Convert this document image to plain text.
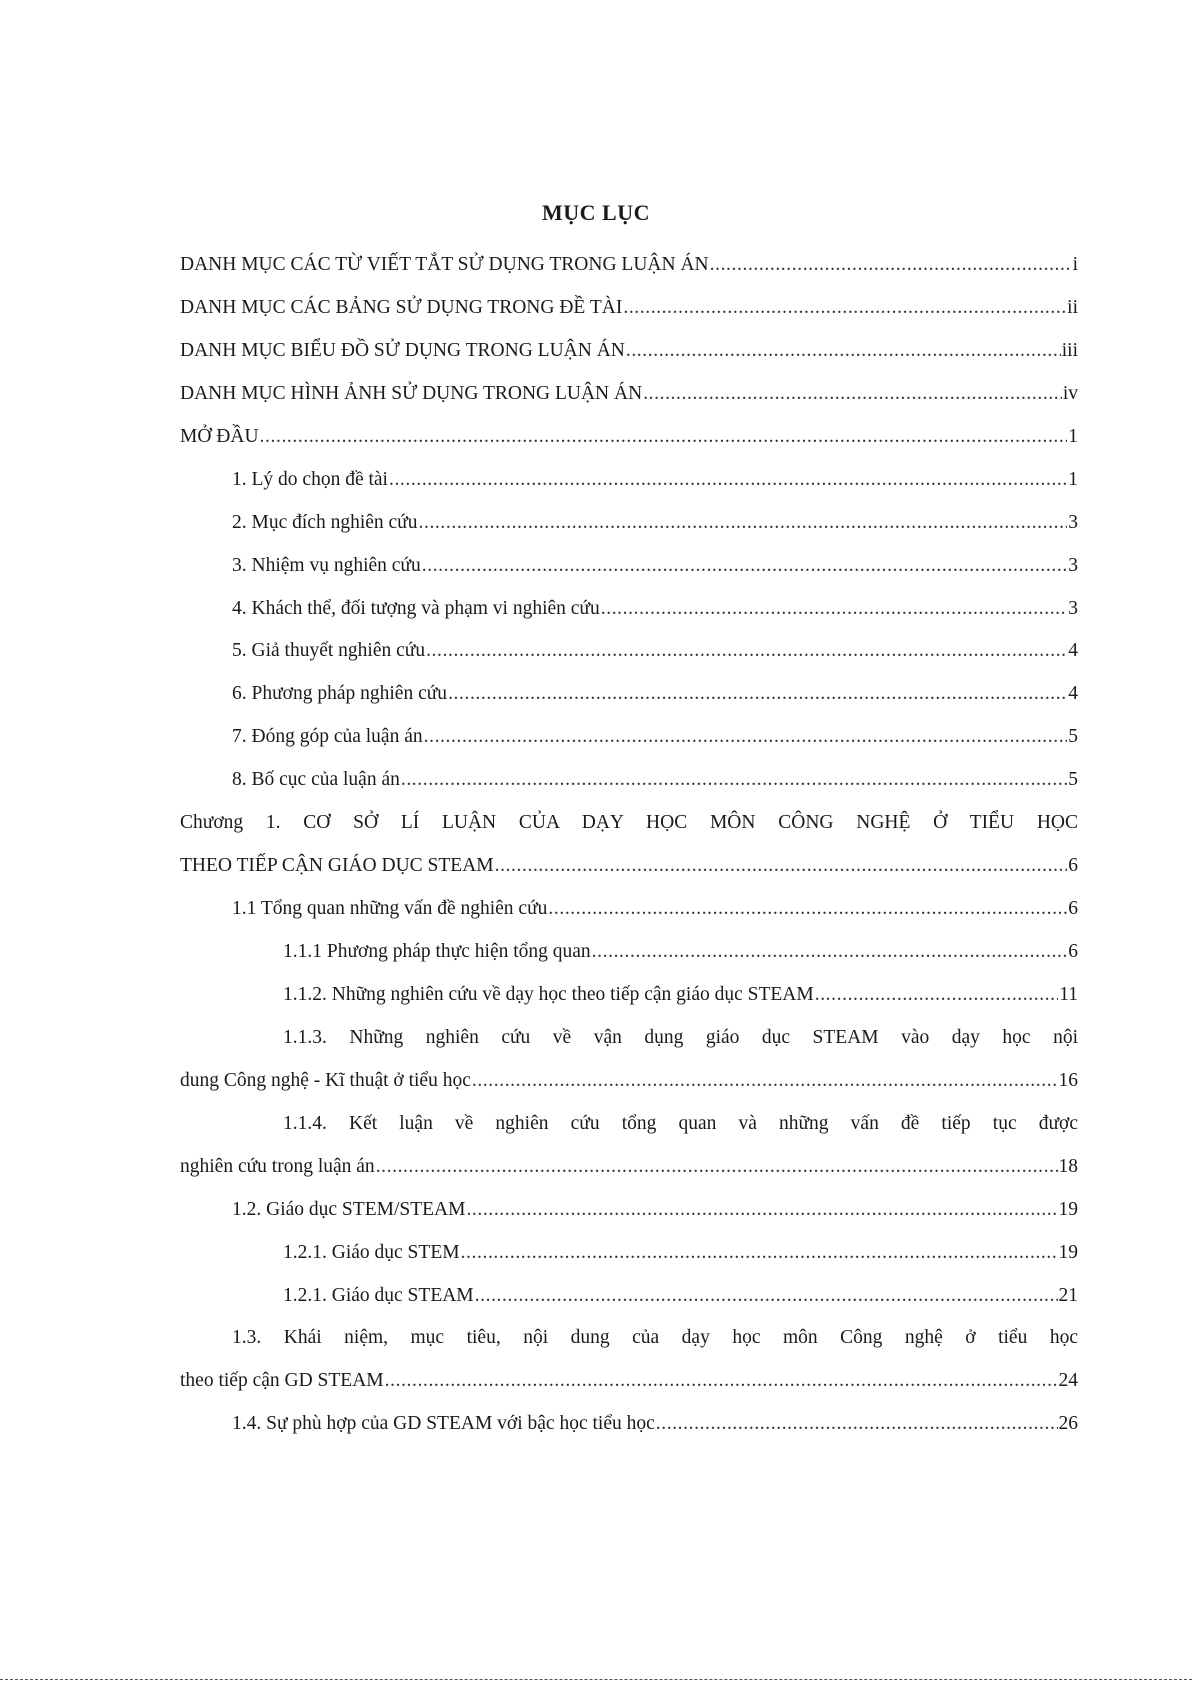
MỤC LỤC
DANH MỤC CÁC TỪ VIẾT TẮT SỬ DỤNG TRONG LUẬN ÁN .....	i
DANH MỤC CÁC BẢNG SỬ DỤNG TRONG ĐỀ TÀI .....	ii
DANH MỤC BIỂU ĐỒ SỬ DỤNG TRONG LUẬN ÁN .....	iii
DANH MỤC HÌNH ẢNH SỬ DỤNG TRONG LUẬN ÁN .....	iv
MỞ ĐẦU .....	1
1. Lý do chọn đề tài .....	1
2. Mục đích nghiên cứu .....	3
3. Nhiệm vụ nghiên cứu .....	3
4. Khách thể, đối tượng và phạm vi nghiên cứu .....	3
5. Giả thuyết nghiên cứu .....	4
6. Phương pháp nghiên cứu .....	4
7. Đóng góp của luận án .....	5
8. Bố cục của luận án .....	5
Chương 1. CƠ SỞ LÍ LUẬN CỦA DẠY HỌC MÔN CÔNG NGHỆ Ở TIỂU HỌC
THEO TIẾP CẬN GIÁO DỤC STEAM .....	6
1.1 Tổng quan những vấn đề nghiên cứu .....	6
1.1.1 Phương pháp thực hiện tổng quan .....	6
1.1.2. Những nghiên cứu về dạy học theo tiếp cận giáo dục STEAM .....	11
1.1.3. Những nghiên cứu về vận dụng giáo dục STEAM vào dạy học nội
dung Công nghệ - Kĩ thuật ở tiểu học .....	16
1.1.4. Kết luận về nghiên cứu tổng quan và những vấn đề tiếp tục được
nghiên cứu trong luận án .....	18
1.2. Giáo dục STEM/STEAM .....	19
1.2.1. Giáo dục STEM .....	19
1.2.1. Giáo dục STEAM .....	21
1.3. Khái niệm, mục tiêu, nội dung của dạy học môn Công nghệ ở tiểu học
theo tiếp cận GD STEAM .....	24
1.4. Sự phù hợp của GD STEAM với bậc học tiểu học .....	26
